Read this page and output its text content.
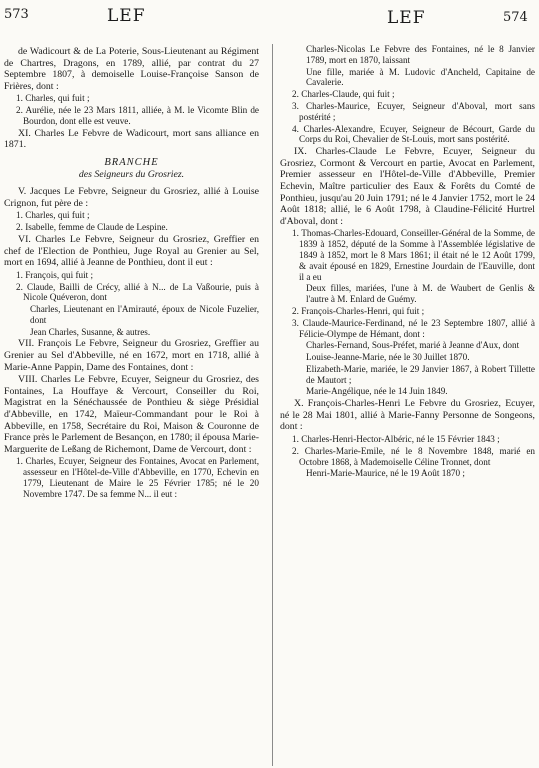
573	LEF	LEF	574

de Wadicourt & de La Poterie, Sous-Lieutenant au Régiment de Chartres, Dragons, en 1789, allié, par contrat du 27 Septembre 1807, à demoiselle Louise-Françoise Sanson de Frières, dont :

1. Charles, qui fuit ;

2. Aurélie, née le 23 Mars 1811, alliée, à M. le Vicomte Blin de Bourdon, dont elle est veuve.

XI. Charles Le Febvre de Wadicourt, mort sans alliance en 1871.

BRANCHE

des Seigneurs du Grosriez.

V. Jacques Le Febvre, Seigneur du Grosriez, allié à Louise Crignon, fut père de :

1. Charles, qui fuit ;

2. Isabelle, femme de Claude de Lespine.

VI. Charles Le Febvre, Seigneur du Grosriez, Greffier en chef de l'Election de Ponthieu, Juge Royal au Grenier au Sel, mort en 1694, allié à Jeanne de Ponthieu, dont il eut :

1. François, qui fuit ;

2. Claude, Bailli de Crécy, allié à N... de La Vaßourie, puis à Nicole Quéveron, dont

Charles, Lieutenant en l'Amirauté, époux de Nicole Fuzelier, dont

Jean Charles, Susanne, & autres.

VII. François Le Febvre, Seigneur du Grosriez, Greffier au Grenier au Sel d'Abbeville, né en 1672, mort en 1718, allié à Marie-Anne Pappin, Dame des Fontaines, dont :

VIII. Charles Le Febvre, Ecuyer, Seigneur du Grosriez, des Fontaines, La Houffaye & Vercourt, Conseiller du Roi, Magistrat en la Sénéchaussée de Ponthieu & siège Présidial d'Abbeville, en 1742, Maïeur-Commandant pour le Roi à Abbeville, en 1758, Secrétaire du Roi, Maison & Couronne de France près le Parlement de Besançon, en 1780; il épousa Marie-Marguerite de Leßang de Richemont, Dame de Vercourt, dont :

1. Charles, Ecuyer, Seigneur des Fontaines, Avocat en Parlement, assesseur en l'Hôtel-de-Ville d'Abbeville, en 1770, Echevin en 1779, Lieutenant de Maire le 25 Février 1785; né le 20 Novembre 1747. De sa femme N... il eut :

Charles-Nicolas Le Febvre des Fontaines, né le 8 Janvier 1789, mort en 1870, laissant

Une fille, mariée à M. Ludovic d'Ancheld, Capitaine de Cavalerie.

2. Charles-Claude, qui fuit ;

3. Charles-Maurice, Ecuyer, Seigneur d'Aboval, mort sans postérité ;

4. Charles-Alexandre, Ecuyer, Seigneur de Bécourt, Garde du Corps du Roi, Chevalier de St-Louis, mort sans postérité.

IX. Charles-Claude Le Febvre, Ecuyer, Seigneur du Grosriez, Cormont & Vercourt en partie, Avocat en Parlement, Premier assesseur en l'Hôtel-de-Ville d'Abbeville, Premier Echevin, Maître particulier des Eaux & Forêts du Comté de Ponthieu, jusqu'au 20 Juin 1791; né le 4 Janvier 1752, mort le 24 Août 1818; allié, le 6 Août 1798, à Claudine-Félicité Hurtrel d'Aboval, dont :

1. Thomas-Charles-Edouard, Conseiller-Général de la Somme, de 1839 à 1852, député de la Somme à l'Assemblée législative de 1849 à 1852, mort le 8 Mars 1861; il était né le 12 Août 1799, & avait épousé en 1829, Ernestine Jourdain de l'Eauville, dont il a eu

Deux filles, mariées, l'une à M. de Waubert de Genlis & l'autre à M. Enlard de Guémy.

2. François-Charles-Henri, qui fuit ;

3. Claude-Maurice-Ferdinand, né le 23 Septembre 1807, allié à Félicie-Olympe de Hémant, dont :

Charles-Fernand, Sous-Préfet, marié à Jeanne d'Aux, dont

Louise-Jeanne-Marie, née le 30 Juillet 1870.

Elizabeth-Marie, mariée, le 29 Janvier 1867, à Robert Tillette de Mautort ;

Marie-Angélique, née le 14 Juin 1849.

X. François-Charles-Henri Le Febvre du Grosriez, Ecuyer, né le 28 Mai 1801, allié à Marie-Fanny Personne de Songeons, dont :

1. Charles-Henri-Hector-Albéric, né le 15 Février 1843 ;

2. Charles-Marie-Emile, né le 8 Novembre 1848, marié en Octobre 1868, à Mademoiselle Céline Tronnet, dont

Henri-Marie-Maurice, né le 19 Août 1870 ;
